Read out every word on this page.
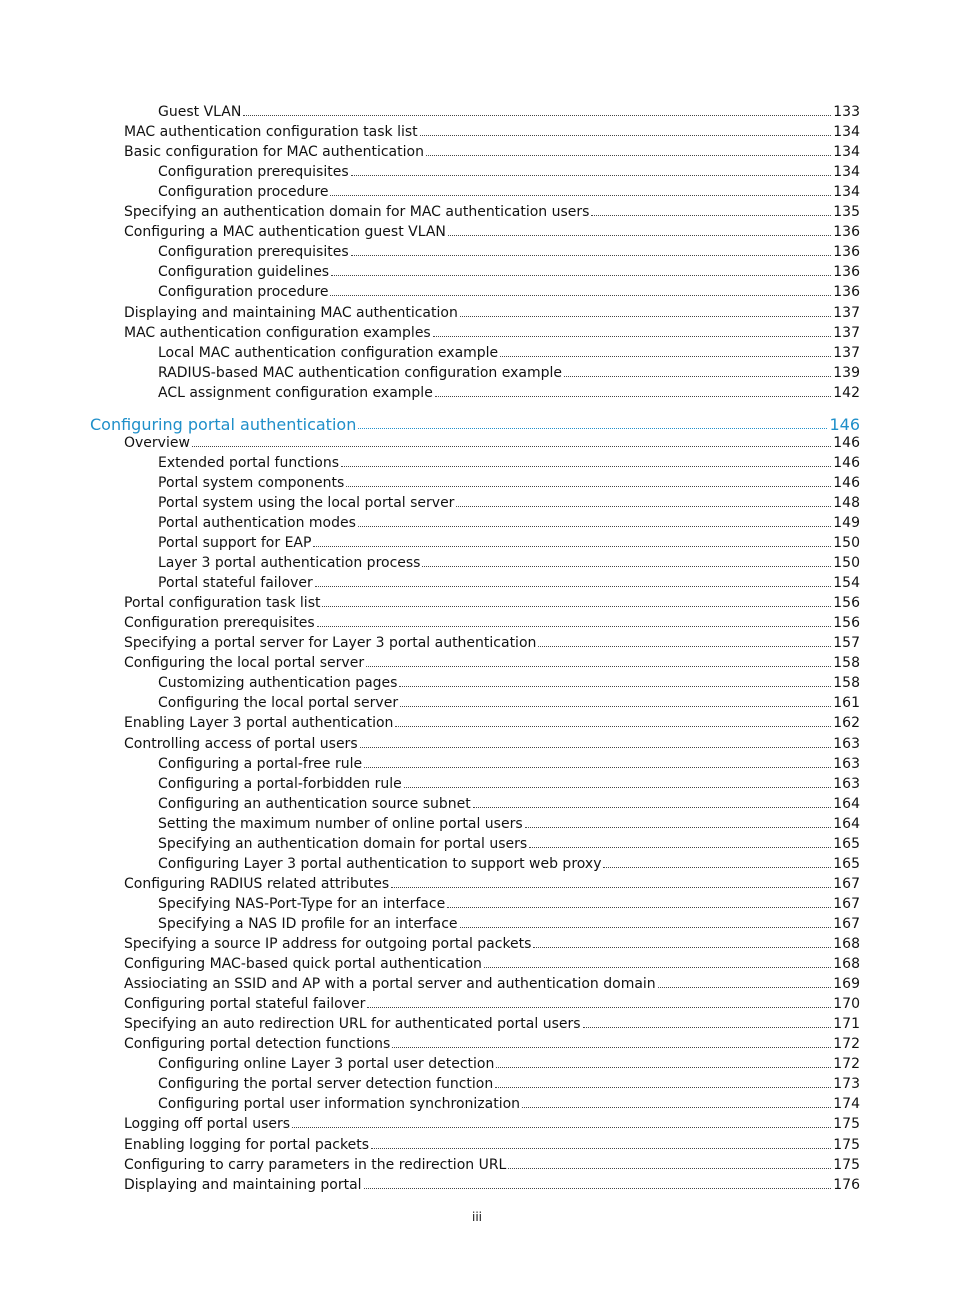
Guest VLAN	133
MAC authentication configuration task list	134
Basic configuration for MAC authentication	134
Configuration prerequisites	134
Configuration procedure	134
Specifying an authentication domain for MAC authentication users	135
Configuring a MAC authentication guest VLAN	136
Configuration prerequisites	136
Configuration guidelines	136
Configuration procedure	136
Displaying and maintaining MAC authentication	137
MAC authentication configuration examples	137
Local MAC authentication configuration example	137
RADIUS-based MAC authentication configuration example	139
ACL assignment configuration example	142
Configuring portal authentication	146
Overview	146
Extended portal functions	146
Portal system components	146
Portal system using the local portal server	148
Portal authentication modes	149
Portal support for EAP	150
Layer 3 portal authentication process	150
Portal stateful failover	154
Portal configuration task list	156
Configuration prerequisites	156
Specifying a portal server for Layer 3 portal authentication	157
Configuring the local portal server	158
Customizing authentication pages	158
Configuring the local portal server	161
Enabling Layer 3 portal authentication	162
Controlling access of portal users	163
Configuring a portal-free rule	163
Configuring a portal-forbidden rule	163
Configuring an authentication source subnet	164
Setting the maximum number of online portal users	164
Specifying an authentication domain for portal users	165
Configuring Layer 3 portal authentication to support web proxy	165
Configuring RADIUS related attributes	167
Specifying NAS-Port-Type for an interface	167
Specifying a NAS ID profile for an interface	167
Specifying a source IP address for outgoing portal packets	168
Configuring MAC-based quick portal authentication	168
Assiociating an SSID and AP with a portal server and authentication domain	169
Configuring portal stateful failover	170
Specifying an auto redirection URL for authenticated portal users	171
Configuring portal detection functions	172
Configuring online Layer 3 portal user detection	172
Configuring the portal server detection function	173
Configuring portal user information synchronization	174
Logging off portal users	175
Enabling logging for portal packets	175
Configuring to carry parameters in the redirection URL	175
Displaying and maintaining portal	176
iii
